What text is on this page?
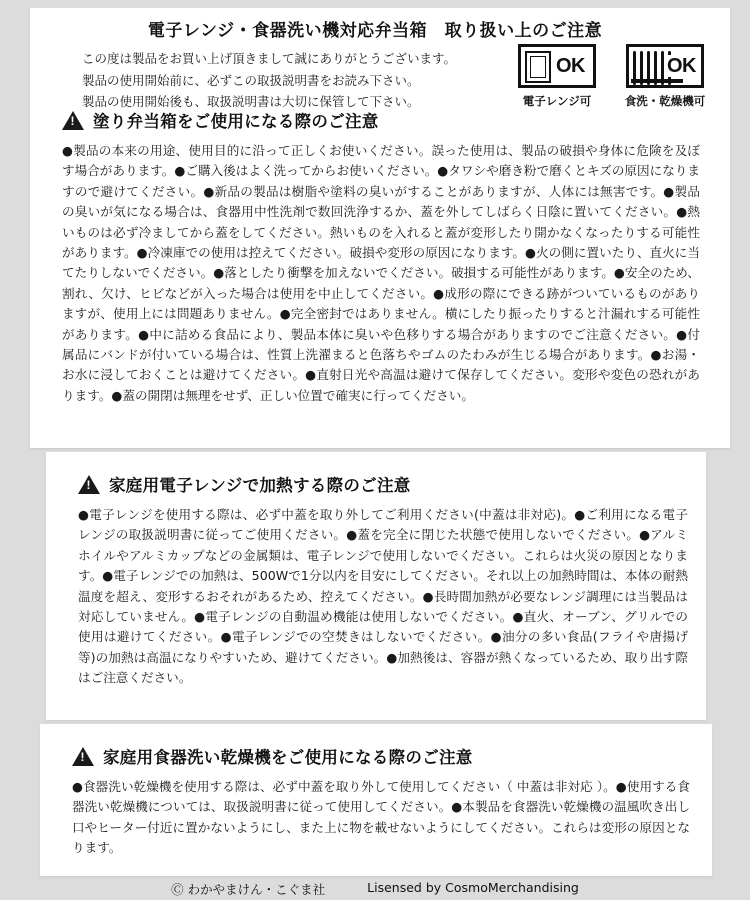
電子レンジ・食器洗い機対応弁当箱　取り扱い上のご注意
この度は製品をお買い上げ頂きまして誠にありがとうございます。
製品の使用開始前に、必ずこの取扱説明書をお読み下さい。
製品の使用開始後も、取扱説明書は大切に保管して下さい。
OK
電子レンジ可
OK
食洗・乾燥機可
!
塗り弁当箱をご使用になる際のご注意
●製品の本来の用途、使用目的に沿って正しくお使いください。誤った使用は、製品の破損や身体に危険を及ぼす場合があります。●ご購入後はよく洗ってからお使いください。●タワシや磨き粉で磨くとキズの原因になりますので避けてください。●新品の製品は樹脂や塗料の臭いがすることがありますが、人体には無害です。●製品の臭いが気になる場合は、食器用中性洗剤で数回洗浄するか、蓋を外してしばらく日陰に置いてください。●熱いものは必ず冷ましてから蓋をしてください。熱いものを入れると蓋が変形したり開かなくなったりする可能性があります。●冷凍庫での使用は控えてください。破損や変形の原因になります。●火の側に置いたり、直火に当てたりしないでください。●落としたり衝撃を加えないでください。破損する可能性があります。●安全のため、割れ、欠け、ヒビなどが入った場合は使用を中止してください。●成形の際にできる跡がついているものがありますが、使用上には問題ありません。●完全密封ではありません。横にしたり振ったりすると汁漏れする可能性があります。●中に詰める食品により、製品本体に臭いや色移りする場合がありますのでご注意ください。●付属品にバンドが付いている場合は、性質上洗濯まると色落ちやゴムのたわみが生じる場合があります。●お湯・お水に浸しておくことは避けてください。●直射日光や高温は避けて保存してください。変形や変色の恐れがあります。●蓋の開閉は無理をせず、正しい位置で確実に行ってください。
!
家庭用電子レンジで加熱する際のご注意
●電子レンジを使用する際は、必ず中蓋を取り外してご利用ください(中蓋は非対応)。●ご利用になる電子レンジの取扱説明書に従ってご使用ください。●蓋を完全に閉じた状態で使用しないでください。●アルミホイルやアルミカップなどの金属類は、電子レンジで使用しないでください。これらは火災の原因となります。●電子レンジでの加熱は、500Wで1分以内を目安にしてください。それ以上の加熱時間は、本体の耐熱温度を超え、変形するおそれがあるため、控えてください。●長時間加熱が必要なレンジ調理には当製品は対応していません。●電子レンジの自動温め機能は使用しないでください。●直火、オーブン、グリルでの使用は避けてください。●電子レンジでの空焚きはしないでください。●油分の多い食品(フライや唐揚げ等)の加熱は高温になりやすいため、避けてください。●加熱後は、容器が熱くなっているため、取り出す際はご注意ください。
!
家庭用食器洗い乾燥機をご使用になる際のご注意
●食器洗い乾燥機を使用する際は、必ず中蓋を取り外して使用してください（ 中蓋は非対応 ）。●使用する食器洗い乾燥機については、取扱説明書に従って使用してください。●本製品を食器洗い乾燥機の温風吹き出し口やヒーター付近に置かないようにし、また上に物を載せないようにしてください。これらは変形の原因となります。
Ⓒ わかやまけん・こぐま社	Lisensed by CosmoMerchandising
